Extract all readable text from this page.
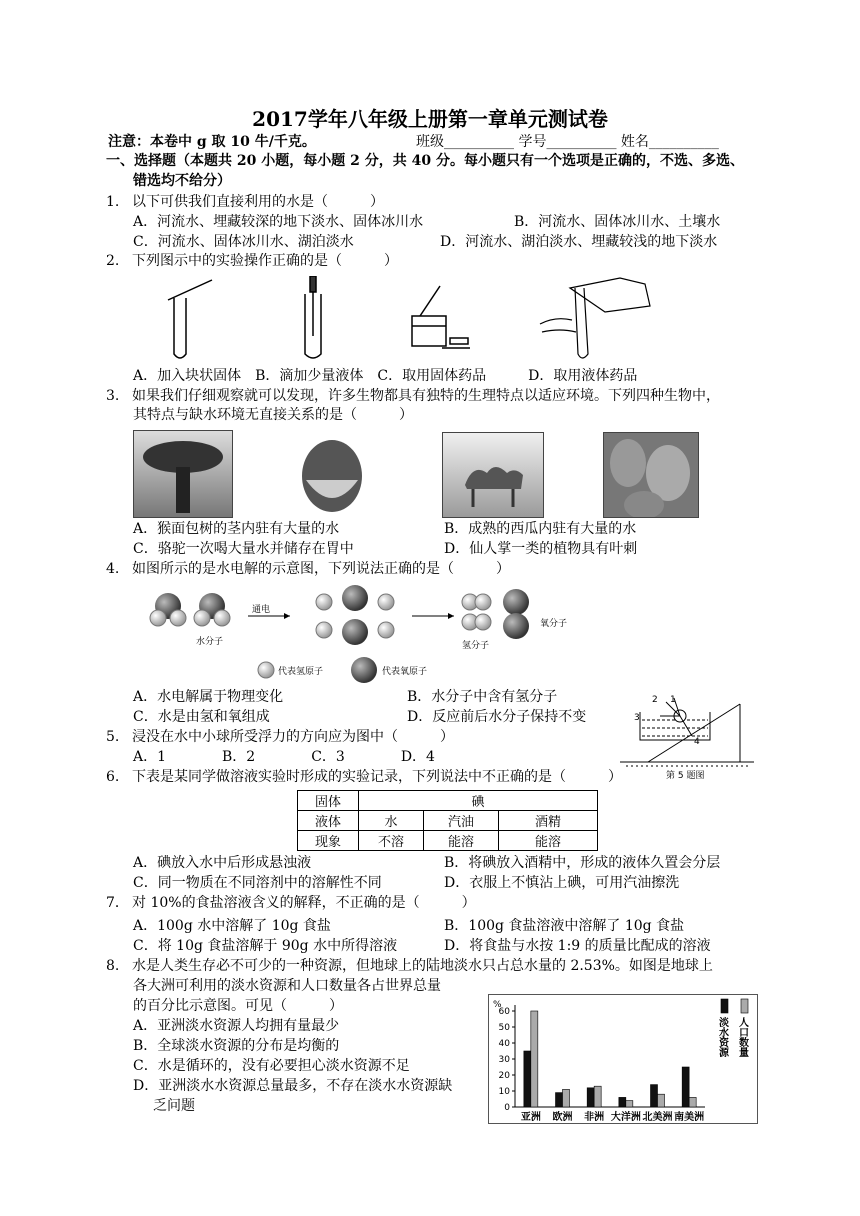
2017学年八年级上册第一章单元测试卷
注意：本卷中 g 取 10 牛/千克。	班级__________ 学号__________ 姓名__________
一、选择题（本题共 20 小题，每小题 2 分，共 40 分。每小题只有一个选项是正确的，不选、多选、
错选均不给分）
1. 以下可供我们直接利用的水是（　　　）
A．河流水、埋藏较深的地下淡水、固体冰川水	B．河流水、固体冰川水、土壤水
C．河流水、固体冰川水、湖泊淡水	D．河流水、湖泊淡水、埋藏较浅的地下淡水
2. 下列图示中的实验操作正确的是（　　　）
A．加入块状固体　B．滴加少量液体　C．取用固体药品　　　D．取用液体药品
3. 如果我们仔细观察就可以发现，许多生物都具有独特的生理特点以适应环境。下列四种生物中，
其特点与缺水环境无直接关系的是（　　　）
A．猴面包树的茎内驻有大量的水	B．成熟的西瓜内驻有大量的水
C．骆驼一次喝大量水并储存在胃中	D．仙人掌一类的植物具有叶刺
4. 如图所示的是水电解的示意图，下列说法正确的是（　　　）
水分子
通电
氢分子
氧分子
代表氢原子	代表氧原子
A．水电解属于物理变化	B．水分子中含有氢分子
C．水是由氢和氧组成	D．反应前后水分子保持不变
5. 浸没在水中小球所受浮力的方向应为图中（　　　）
A．1　　　　B．2　　　　C．3　　　　D．4
1
2
3
4
第 5 题图
6. 下表是某同学做溶液实验时形成的实验记录，下列说法中不正确的是（　　　）
固体	碘		
液体	水	汽油	酒精
现象	不溶	能溶	能溶
A．碘放入水中后形成悬浊液	B．将碘放入酒精中，形成的液体久置会分层
C．同一物质在不同溶剂中的溶解性不同	D．衣服上不慎沾上碘，可用汽油擦洗
7． 对 10%的食盐溶液含义的解释，不正确的是（　　　）
A．100g 水中溶解了 10g 食盐	B．100g 食盐溶液中溶解了 10g 食盐
C．将 10g 食盐溶解于 90g 水中所得溶液	D．将食盐与水按 1:9 的质量比配成的溶液
8. 水是人类生存必不可少的一种资源，但地球上的陆地淡水只占总水量的 2.53%。如图是地球上
各大洲可利用的淡水资源和人口数量各占世界总量
的百分比示意图。可见（　　　）
A．亚洲淡水资源人均拥有量最少
B．全球淡水资源的分布是均衡的
C．水是循环的，没有必要担心淡水资源不足
D．亚洲淡水水资源总量最多，不存在淡水水资源缺
乏问题
%
0
10
20
30
40
50
60
亚洲 欧洲 非洲 大洋洲 北美洲 南美洲
淡水资源 人口数量
